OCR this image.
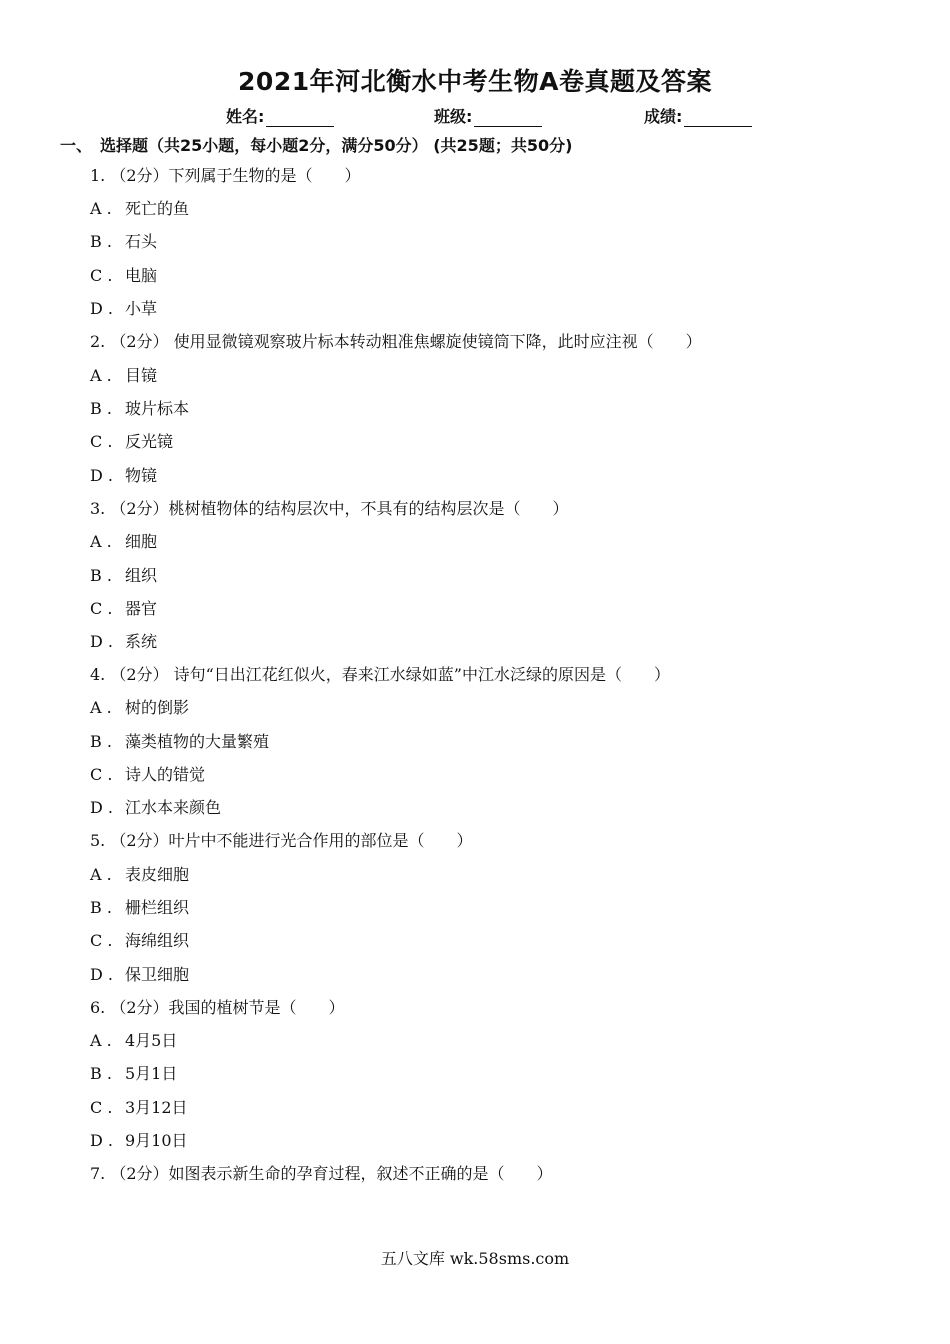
2021年河北衡水中考生物A卷真题及答案
姓名:	班级:	成绩:
一、 选择题（共25小题，每小题2分，满分50分） (共25题；共50分)
1. （2分）下列属于生物的是（　　）
A . 死亡的鱼
B . 石头
C . 电脑
D . 小草
2. （2分） 使用显微镜观察玻片标本转动粗准焦螺旋使镜筒下降，此时应注视（　　）
A . 目镜
B . 玻片标本
C . 反光镜
D . 物镜
3. （2分）桃树植物体的结构层次中，不具有的结构层次是（　　）
A . 细胞
B . 组织
C . 器官
D . 系统
4. （2分） 诗句“日出江花红似火，春来江水绿如蓝”中江水泛绿的原因是（　　）
A . 树的倒影
B . 藻类植物的大量繁殖
C . 诗人的错觉
D . 江水本来颜色
5. （2分）叶片中不能进行光合作用的部位是（　　）
A . 表皮细胞
B . 栅栏组织
C . 海绵组织
D . 保卫细胞
6. （2分）我国的植树节是（　　）
A . 4月5日
B . 5月1日
C . 3月12日
D . 9月10日
7. （2分）如图表示新生命的孕育过程，叙述不正确的是（　　）
五八文库 wk.58sms.com
